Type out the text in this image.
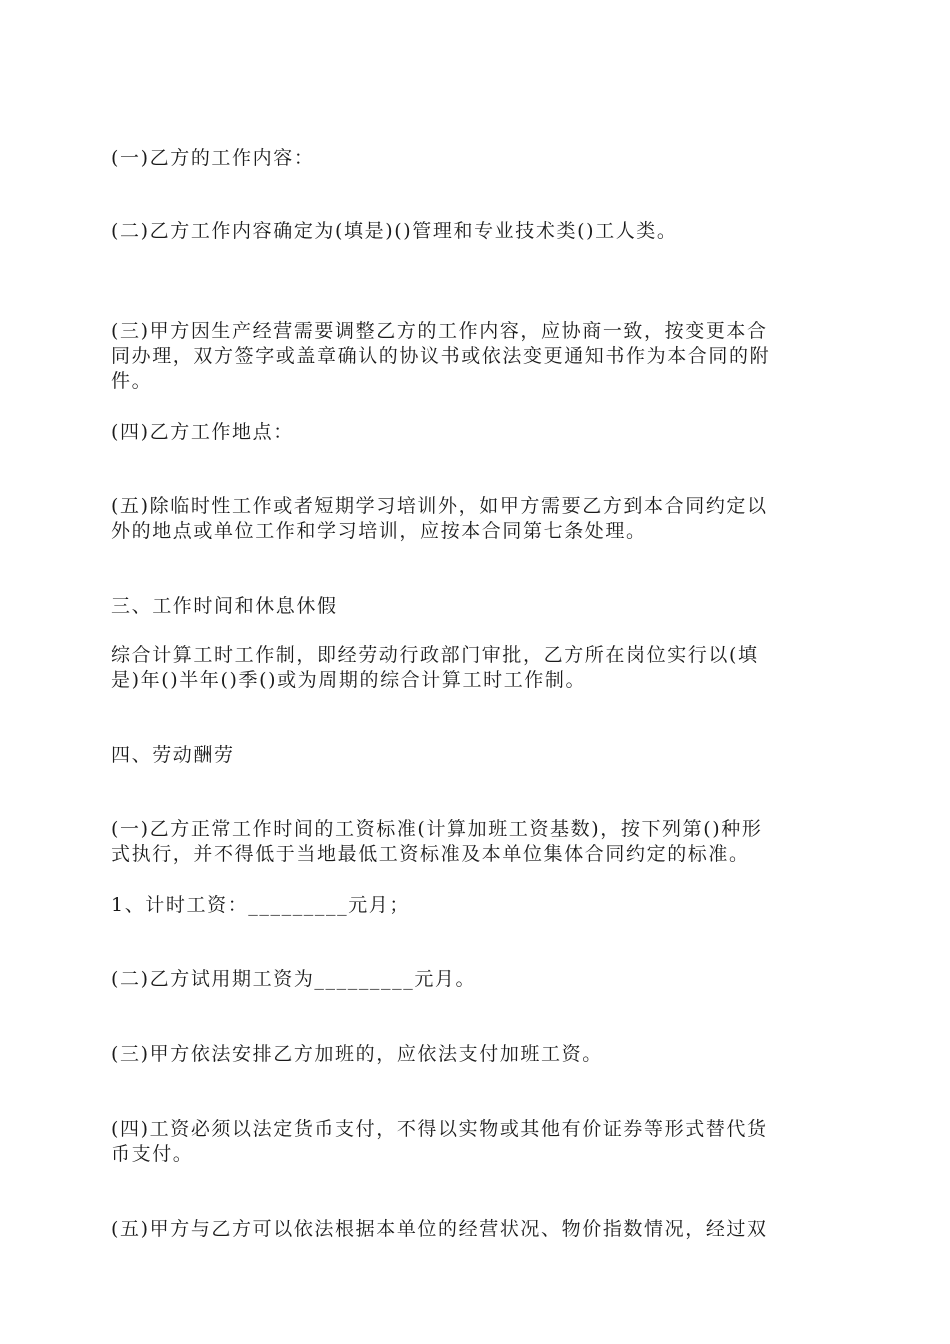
(一)乙方的工作内容：

(二)乙方工作内容确定为(填是)()管理和专业技术类()工人类。

(三)甲方因生产经营需要调整乙方的工作内容，应协商一致，按变更本合
同办理，双方签字或盖章确认的协议书或依法变更通知书作为本合同的附
件。

(四)乙方工作地点：

(五)除临时性工作或者短期学习培训外，如甲方需要乙方到本合同约定以
外的地点或单位工作和学习培训，应按本合同第七条处理。

三、工作时间和休息休假

综合计算工时工作制，即经劳动行政部门审批，乙方所在岗位实行以(填
是)年()半年()季()或为周期的综合计算工时工作制。

四、劳动酬劳

(一)乙方正常工作时间的工资标准(计算加班工资基数)，按下列第()种形
式执行，并不得低于当地最低工资标准及本单位集体合同约定的标准。

1、计时工资：_________元月；

(二)乙方试用期工资为_________元月。

(三)甲方依法安排乙方加班的，应依法支付加班工资。

(四)工资必须以法定货币支付，不得以实物或其他有价证券等形式替代货
币支付。

(五)甲方与乙方可以依法根据本单位的经营状况、物价指数情况，经过双
